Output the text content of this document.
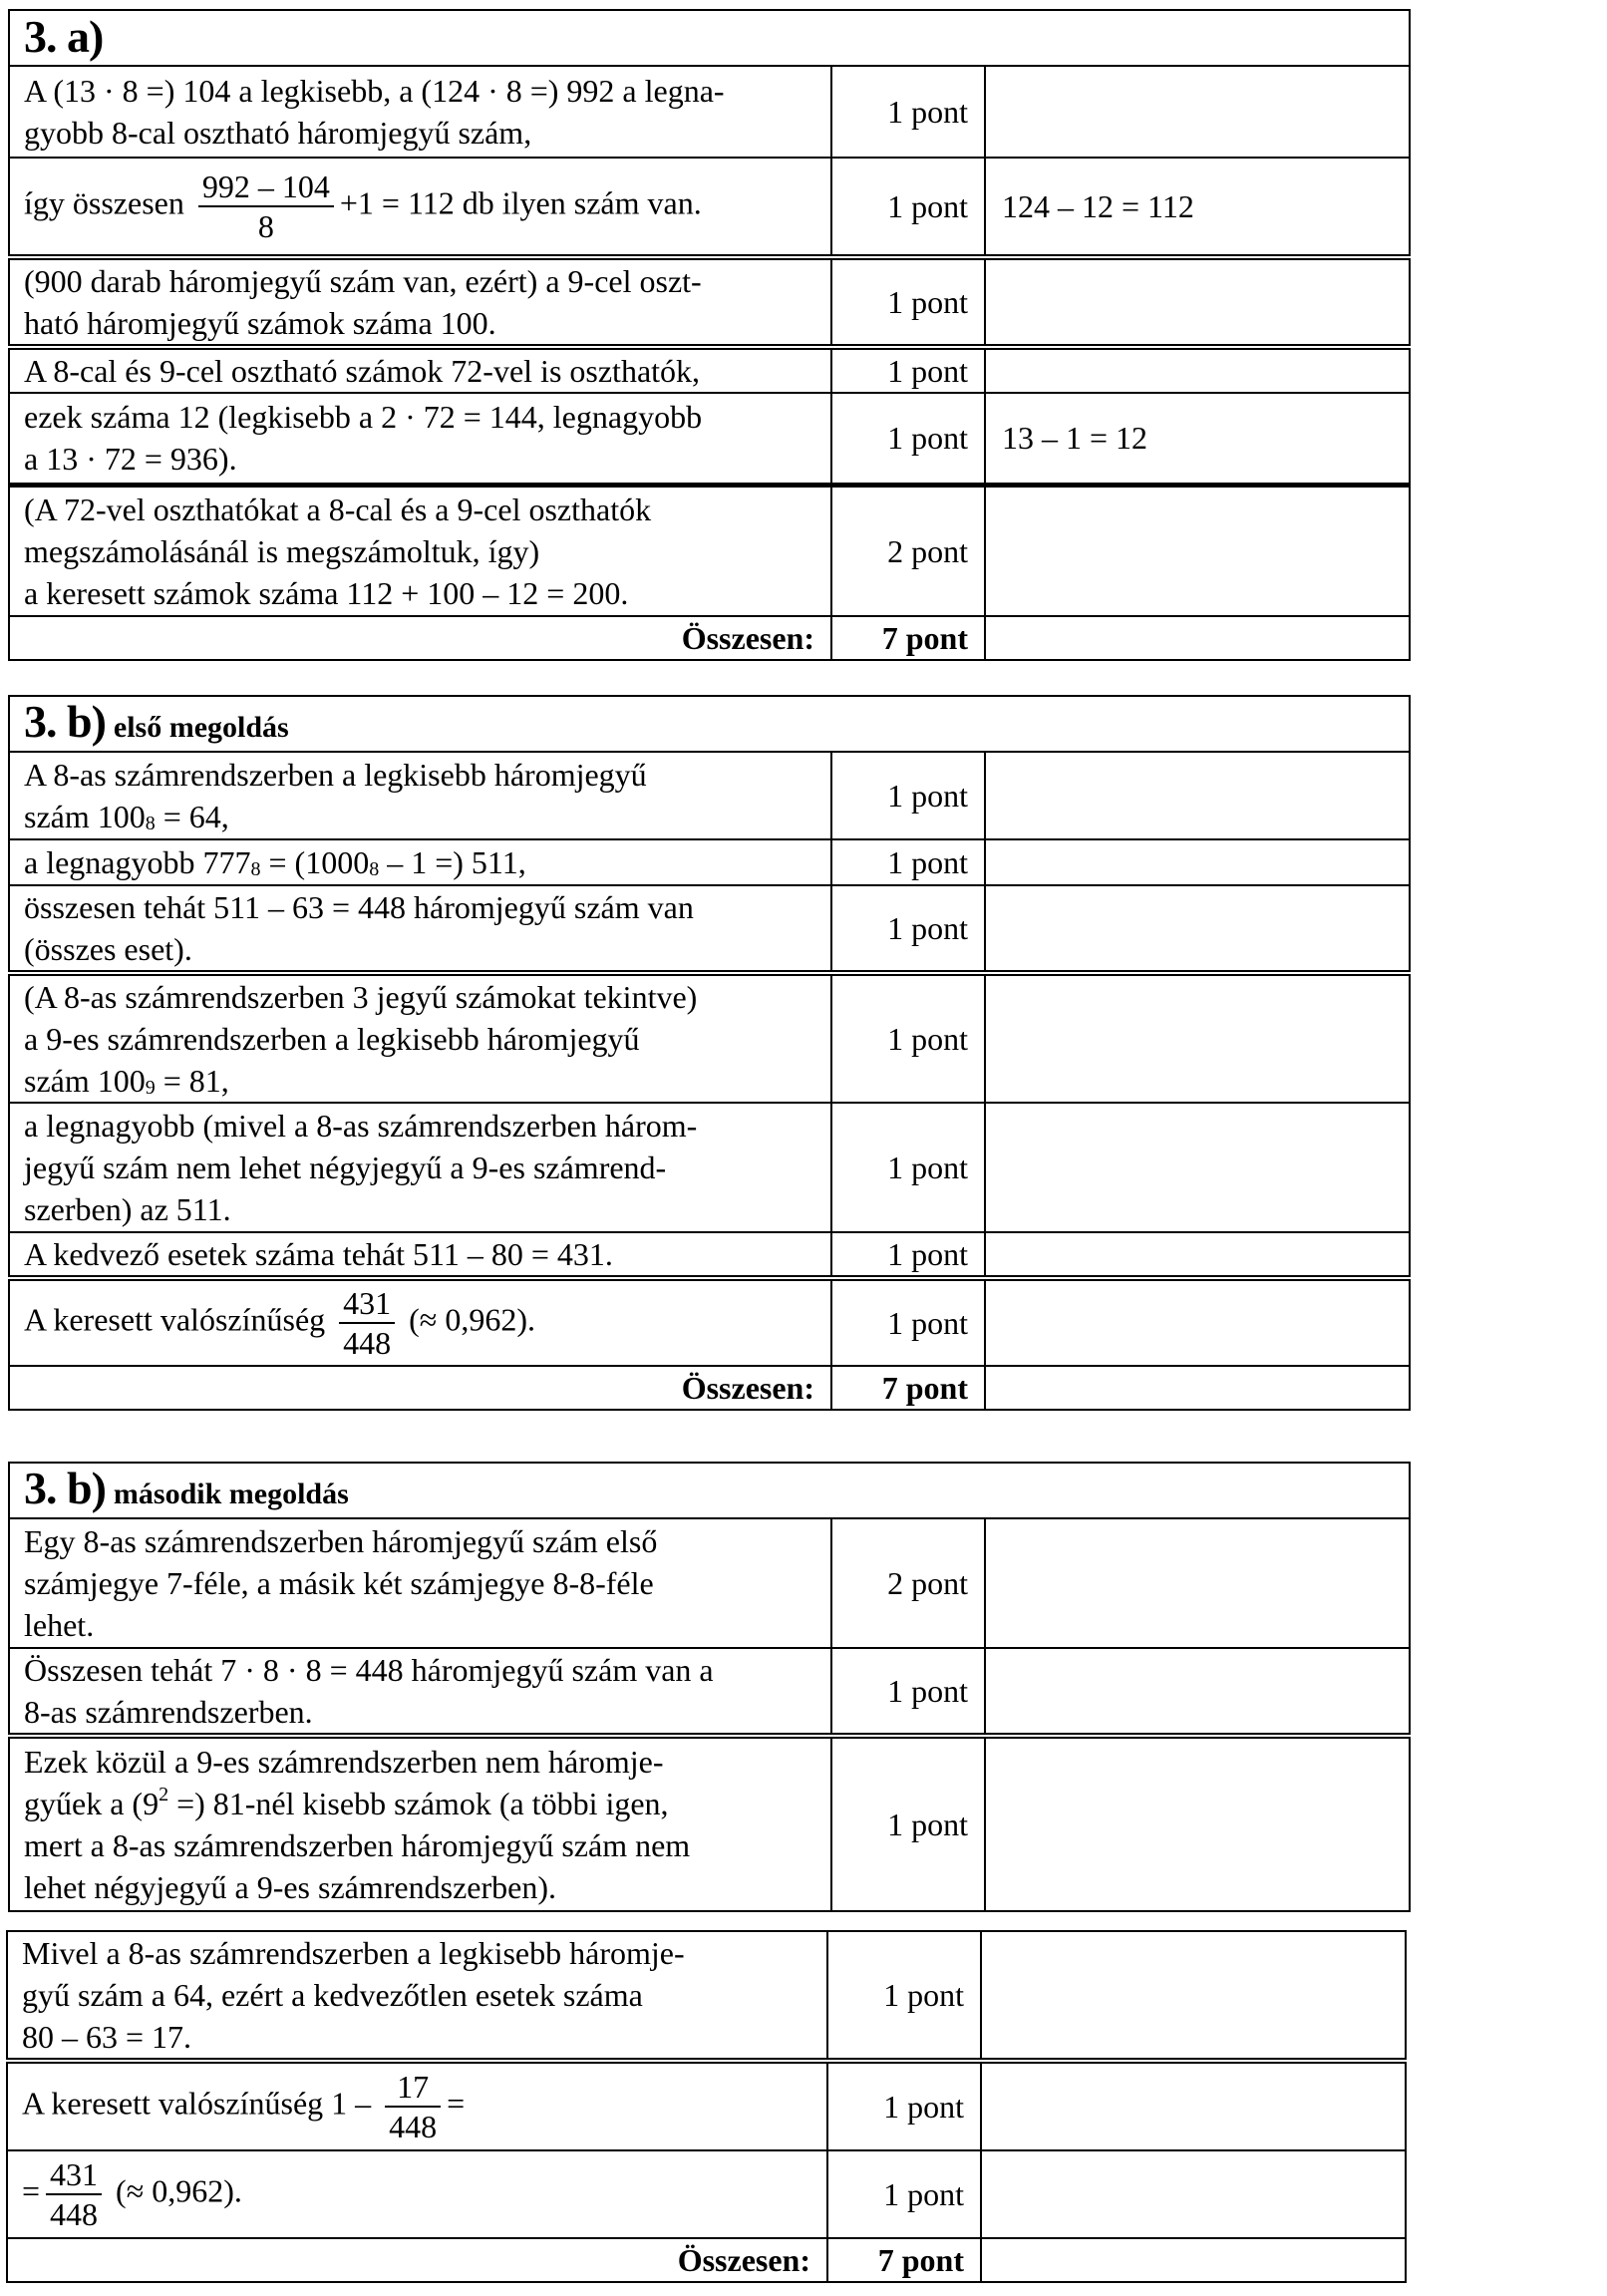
3. a)		

A (13 · 8 =) 104 a legkisebb, a (124 · 8 =) 992 a legna-
gyobb 8-cal osztható háromjegyű szám,	1 pont	
így összesen $\frac{992 - 104}{8} +1 = 112$ db ilyen szám van.	1 pont	124 – 12 = 112

(900 darab háromjegyű szám van, ezért) a 9-cel oszt-
ható háromjegyű számok száma 100.	1 pont	

A 8-cal és 9-cel osztható számok 72-vel is oszthatók,	1 pont	

ezek száma 12 (legkisebb a 2 · 72 = 144, legnagyobb
a 13 · 72 = 936).	1 pont	13 – 1 = 12

(A 72-vel oszthatókat a 8-cal és a 9-cel oszthatók
megszámolásánál is megszámoltuk, így)
a keresett számok száma 112 + 100 – 12 = 200.	2 pont	
Összesen:	7 pont	
3. b) első megoldás		

A 8-as számrendszerben a legkisebb háromjegyű
szám $100_8 = 64$,	1 pont	
a legnagyobb $777_8 = (1000_8 - 1$ =) 511,	1 pont	

összesen tehát 511 – 63 = 448 háromjegyű szám van
(összes eset).	1 pont	

(A 8-as számrendszerben 3 jegyű számokat tekintve)
a 9-es számrendszerben a legkisebb háromjegyű
szám $100_9 = 81$,	1 pont	

a legnagyobb (mivel a 8-as számrendszerben három-
jegyű szám nem lehet négyjegyű a 9-es számrend-
szerben) az 511.	1 pont	

A kedvező esetek száma tehát 511 – 80 = 431.	1 pont	
A keresett valószínűség $\frac{431}{448}$ (≈ 0,962).	1 pont	
Összesen:	7 pont	
3. b) második megoldás		

Egy 8-as számrendszerben háromjegyű szám első
számjegye 7-féle, a másik két számjegye 8-8-féle
lehet.	2 pont	

Összesen tehát 7 · 8 · 8 = 448 háromjegyű szám van a
8-as számrendszerben.	1 pont	

Ezek közül a 9-es számrendszerben nem háromje-
gyűek a ($9^2$ =) 81-nél kisebb számok (a többi igen,
mert a 8-as számrendszerben háromjegyű szám nem
lehet négyjegyű a 9-es számrendszerben).	1 pont	
Mivel a 8-as számrendszerben a legkisebb háromje-
gyű szám a 64, ezért a kedvezőtlen esetek száma
80 – 63 = 17.	1 pont	
A keresett valószínűség $1 - \frac{17}{448}$ =	1 pont	
= $\frac{431}{448}$ (≈ 0,962).	1 pont	
Összesen:	7 pont	
